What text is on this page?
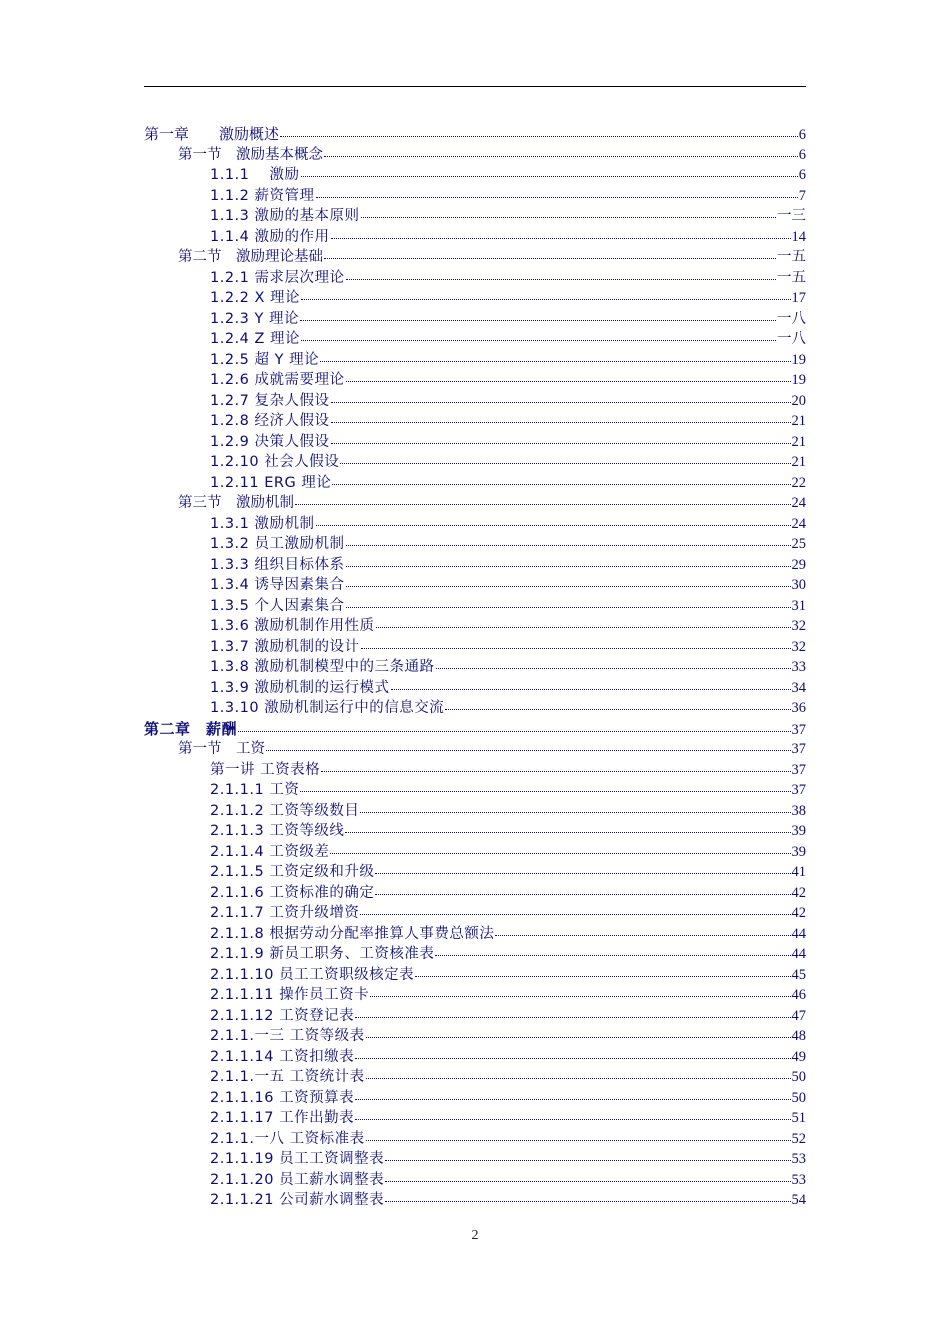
第一章　　激励概述	6
第一节　激励基本概念	6
1.1.1　 激励	6
1.1.2 薪资管理	7
1.1.3 激励的基本原则	一三
1.1.4 激励的作用	14
第二节　激励理论基础	一五
1.2.1 需求层次理论	一五
1.2.2 X 理论	17
1.2.3 Y 理论	一八
1.2.4 Z 理论	一八
1.2.5 超 Y 理论	19
1.2.6 成就需要理论	19
1.2.7 复杂人假设	20
1.2.8 经济人假设	21
1.2.9 决策人假设	21
1.2.10 社会人假设	21
1.2.11 ERG 理论	22
第三节　激励机制	24
1.3.1 激励机制	24
1.3.2 员工激励机制	25
1.3.3 组织目标体系	29
1.3.4 诱导因素集合	30
1.3.5 个人因素集合	31
1.3.6 激励机制作用性质	32
1.3.7 激励机制的设计	32
1.3.8 激励机制模型中的三条通路	33
1.3.9 激励机制的运行模式	34
1.3.10 激励机制运行中的信息交流	36
第二章　薪酬	37
第一节　工资	37
第一讲 工资表格	37
2.1.1.1 工资	37
2.1.1.2 工资等级数目	38
2.1.1.3 工资等级线	39
2.1.1.4 工资级差	39
2.1.1.5 工资定级和升级	41
2.1.1.6 工资标准的确定	42
2.1.1.7 工资升级增资	42
2.1.1.8 根据劳动分配率推算人事费总额法	44
2.1.1.9 新员工职务、工资核准表	44
2.1.1.10 员工工资职级核定表	45
2.1.1.11 操作员工资卡	46
2.1.1.12 工资登记表	47
2.1.1.一三 工资等级表	48
2.1.1.14 工资扣缴表	49
2.1.1.一五 工资统计表	50
2.1.1.16 工资预算表	50
2.1.1.17 工作出勤表	51
2.1.1.一八 工资标准表	52
2.1.1.19 员工工资调整表	53
2.1.1.20 员工薪水调整表	53
2.1.1.21 公司薪水调整表	54
2
